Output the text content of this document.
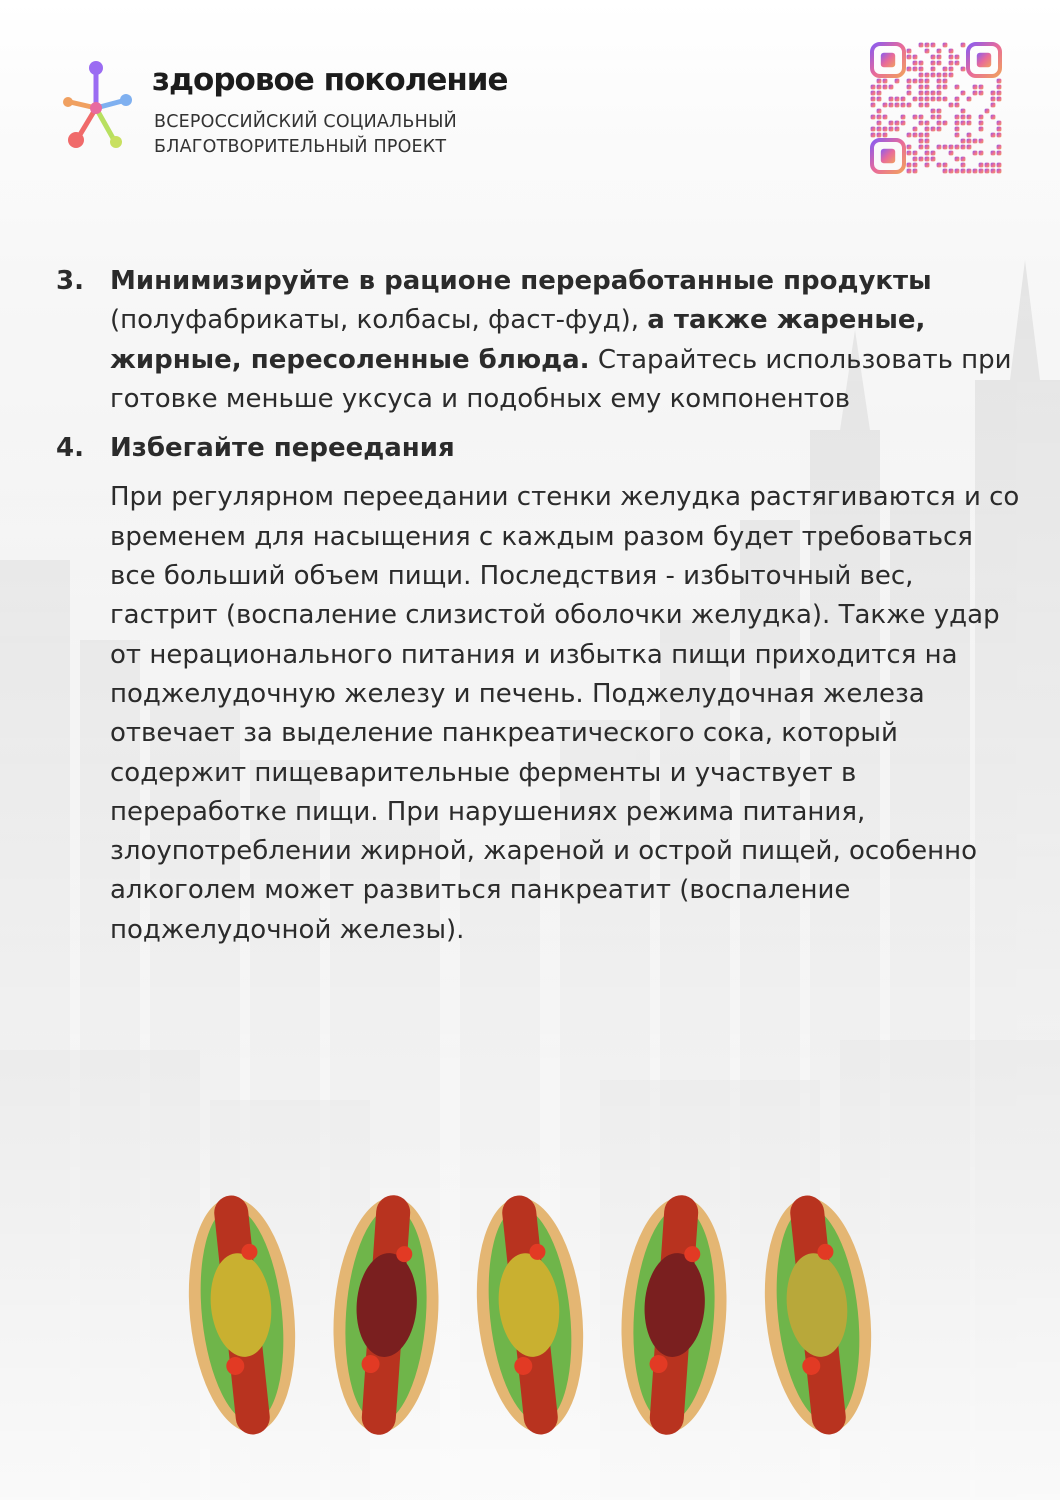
здоровое поколение
ВСЕРОССИЙСКИЙ СОЦИАЛЬНЫЙ
БЛАГОТВОРИТЕЛЬНЫЙ ПРОЕКТ
3. Минимизируйте в рационе переработанные продукты (полуфабрикаты, колбасы, фаст-фуд), а также жареные, жирные, пересоленные блюда. Старайтесь использовать при готовке меньше уксуса и подобных ему компонентов
4. Избегайте переедания
При регулярном переедании стенки желудка растягиваются и со временем для насыщения с каждым разом будет требоваться все больший объем пищи. Последствия - избыточный вес, гастрит (воспаление слизистой оболочки желудка). Также удар от нерационального питания и избытка пищи приходится на поджелудочную железу и печень. Поджелудочная железа отвечает за выделение панкреатического сока, который содержит пищеварительные ферменты и участвует в переработке пищи. При нарушениях режима питания, злоупотреблении жирной, жареной и острой пищей, особенно алкоголем может развиться панкреатит (воспаление поджелудочной железы).
